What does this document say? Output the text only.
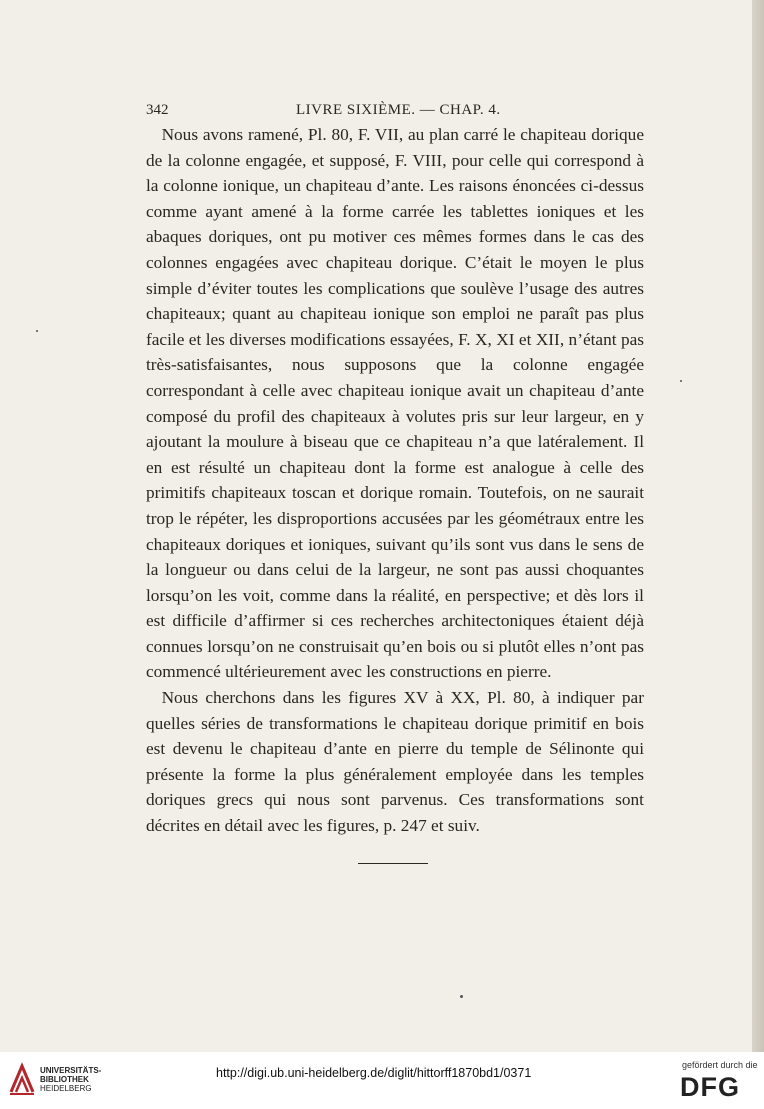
342	LIVRE SIXIÈME. — CHAP. 4.

Nous avons ramené, Pl. 80, F. VII, au plan carré le chapiteau dorique de la colonne engagée, et supposé, F. VIII, pour celle qui correspond à la colonne ionique, un chapiteau d’ante. Les raisons énoncées ci-dessus comme ayant amené à la forme carrée les tablettes ioniques et les abaques doriques, ont pu motiver ces mêmes formes dans le cas des colonnes engagées avec chapiteau dorique. C’était le moyen le plus simple d’éviter toutes les complications que soulève l’usage des autres chapiteaux; quant au chapiteau ionique son emploi ne paraît pas plus facile et les diverses modifications essayées, F. X, XI et XII, n’étant pas très-satisfaisantes, nous supposons que la colonne engagée correspondant à celle avec chapiteau ionique avait un chapiteau d’ante composé du profil des chapiteaux à volutes pris sur leur largeur, en y ajoutant la moulure à biseau que ce chapiteau n’a que latéralement. Il en est résulté un chapiteau dont la forme est analogue à celle des primitifs chapiteaux toscan et dorique romain. Toutefois, on ne saurait trop le répéter, les disproportions accusées par les géométraux entre les chapiteaux doriques et ioniques, suivant qu’ils sont vus dans le sens de la longueur ou dans celui de la largeur, ne sont pas aussi choquantes lorsqu’on les voit, comme dans la réalité, en perspective; et dès lors il est difficile d’affirmer si ces recherches architectoniques étaient déjà connues lorsqu’on ne construisait qu’en bois ou si plutôt elles n’ont pas commencé ultérieurement avec les constructions en pierre.

Nous cherchons dans les figures XV à XX, Pl. 80, à indiquer par quelles séries de transformations le chapiteau dorique primitif en bois est devenu le chapiteau d’ante en pierre du temple de Sélinonte qui présente la forme la plus généralement employée dans les temples doriques grecs qui nous sont parvenus. Ces transformations sont décrites en détail avec les figures, p. 247 et suiv.

UNIVERSITÄTS-
BIBLIOTHEK
HEIDELBERG
http://digi.ub.uni-heidelberg.de/diglit/hittorff1870bd1/0371
gefördert durch die
DFG
